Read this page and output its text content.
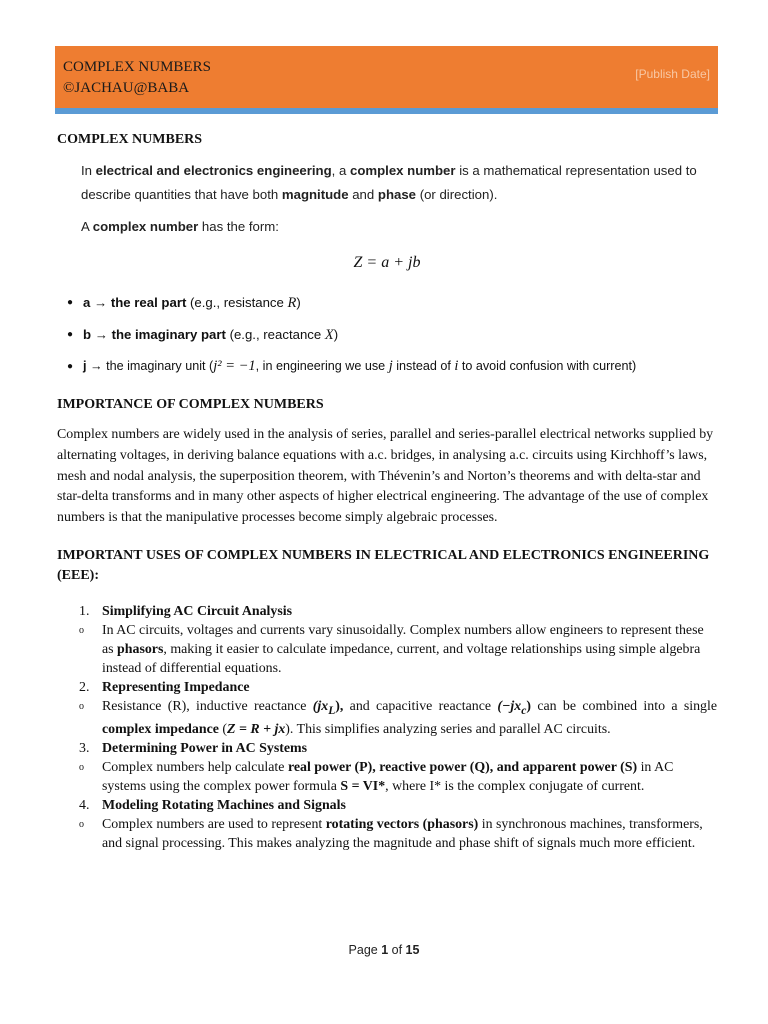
COMPLEX NUMBERS
©JACHAU@BABA
[Publish Date]
COMPLEX NUMBERS

In electrical and electronics engineering, a complex number is a mathematical representation used to describe quantities that have both magnitude and phase (or direction).

A complex number has the form:

Z = a + jb
● a → the real part (e.g., resistance R)
● b → the imaginary part (e.g., reactance X)
● j → the imaginary unit (j² = −1, in engineering we use j instead of i to avoid confusion with current)
IMPORTANCE OF COMPLEX NUMBERS

Complex numbers are widely used in the analysis of series, parallel and series-parallel electrical networks supplied by alternating voltages, in deriving balance equations with a.c. bridges, in analysing a.c. circuits using Kirchhoff’s laws, mesh and nodal analysis, the superposition theorem, with Thévenin’s and Norton’s theorems and with delta-star and star-delta transforms and in many other aspects of higher electrical engineering. The advantage of the use of complex numbers is that the manipulative processes become simply algebraic processes.

IMPORTANT USES OF COMPLEX NUMBERS IN ELECTRICAL AND ELECTRONICS ENGINEERING (EEE):
1. Simplifying AC Circuit Analysis
o In AC circuits, voltages and currents vary sinusoidally. Complex numbers allow engineers to represent these as phasors, making it easier to calculate impedance, current, and voltage relationships using simple algebra instead of differential equations.
2. Representing Impedance
o Resistance (R), inductive reactance $(jx_L)$, and capacitive reactance $(-jx_c)$ can be combined into a single complex impedance (Z = R + jx). This simplifies analyzing series and parallel AC circuits.
3. Determining Power in AC Systems
o Complex numbers help calculate real power (P), reactive power (Q), and apparent power (S) in AC systems using the complex power formula S = VI*, where I* is the complex conjugate of current.
4. Modeling Rotating Machines and Signals
o Complex numbers are used to represent rotating vectors (phasors) in synchronous machines, transformers, and signal processing. This makes analyzing the magnitude and phase shift of signals much more efficient.
Page 1 of 15
